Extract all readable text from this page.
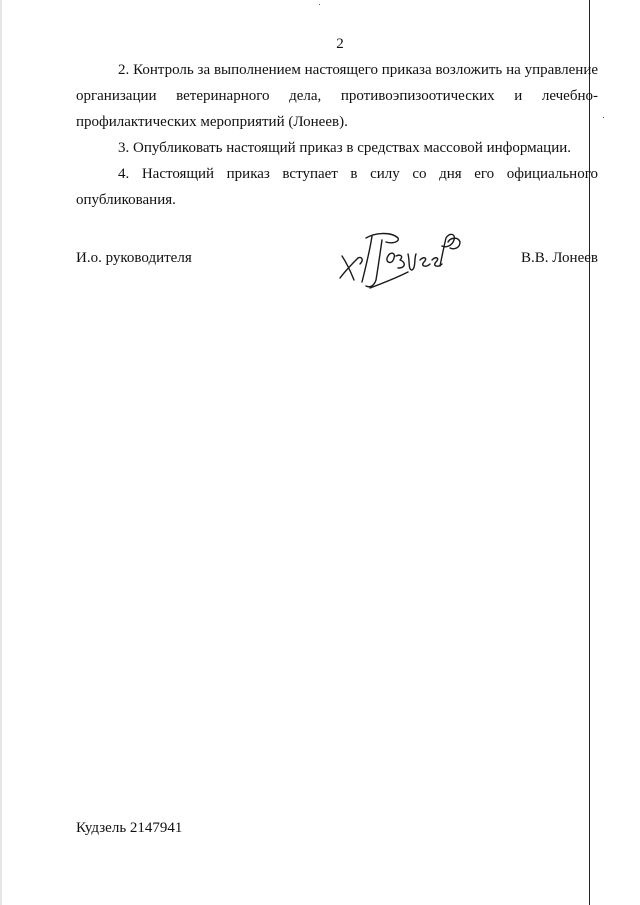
2
2. Контроль за выполнением настоящего приказа возложить на управление организации ветеринарного дела, противоэпизоотических и лечебно-профилактических мероприятий (Лонеев).
3. Опубликовать настоящий приказ в средствах массовой информации.
4. Настоящий приказ вступает в силу со дня его официального опубликования.
И.о. руководителя	В.В. Лонеев
Кудзель 2147941
